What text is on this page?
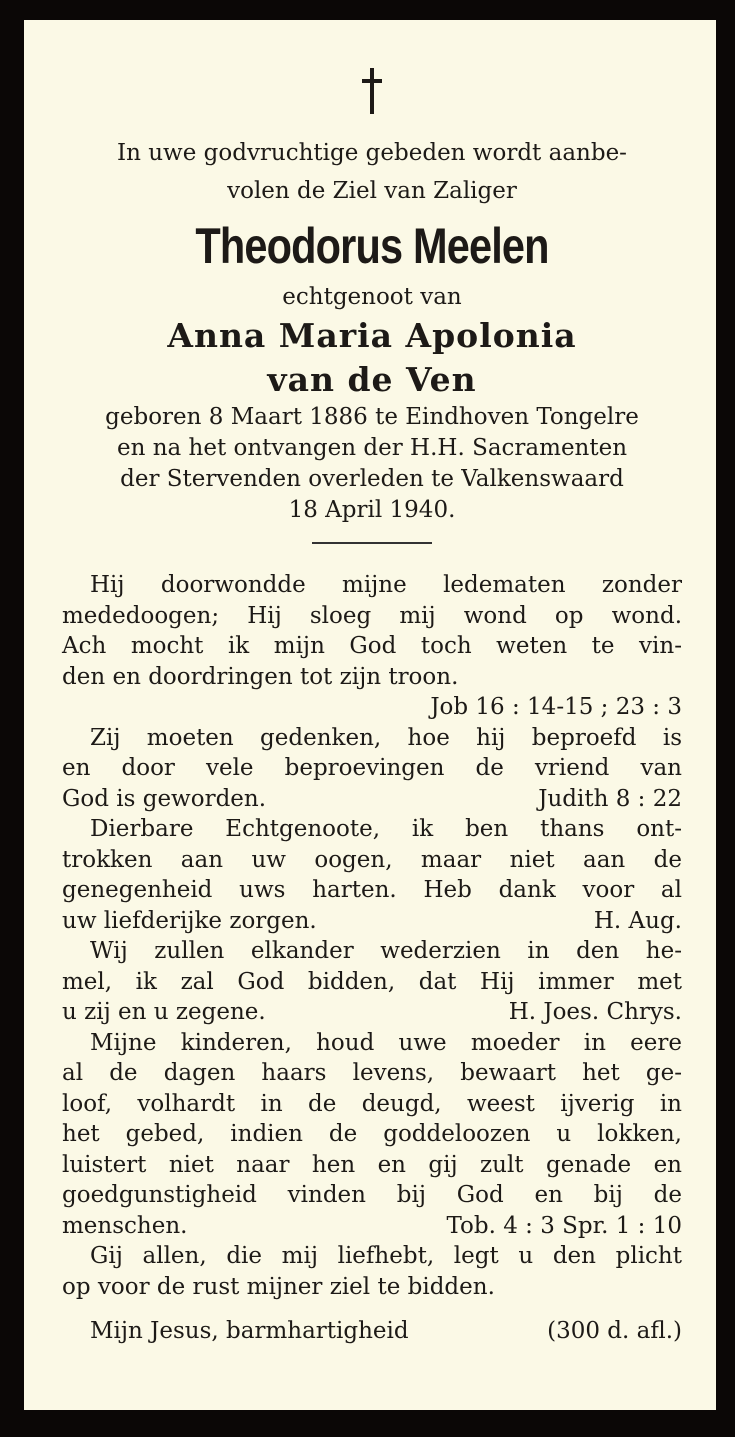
In uwe godvruchtige gebeden wordt aanbe-
volen de Ziel van Zaliger
Theodorus Meelen
echtgenoot van
Anna Maria Apolonia
van de Ven
geboren 8 Maart 1886 te Eindhoven Tongelre
en na het ontvangen der H.H. Sacramenten
der Stervenden overleden te Valkenswaard
18 April 1940.
Hij doorwondde mijne ledematen zonder
mededoogen; Hij sloeg mij wond op wond.
Ach mocht ik mijn God toch weten te vin-
den en doordringen tot zijn troon.
Job 16 : 14-15 ; 23 : 3
Zij moeten gedenken, hoe hij beproefd is
en door vele beproevingen de vriend van
God is geworden.	Judith 8 : 22
Dierbare Echtgenoote, ik ben thans ont-
trokken aan uw oogen, maar niet aan de
genegenheid uws harten. Heb dank voor al
uw liefderijke zorgen.	H. Aug.
Wij zullen elkander wederzien in den he-
mel, ik zal God bidden, dat Hij immer met
u zij en u zegene.	H. Joes. Chrys.
Mijne kinderen, houd uwe moeder in eere
al de dagen haars levens, bewaart het ge-
loof, volhardt in de deugd, weest ijverig in
het gebed, indien de goddeloozen u lokken,
luistert niet naar hen en gij zult genade en
goedgunstigheid vinden bij God en bij de
menschen.	Tob. 4 : 3 Spr. 1 : 10
Gij allen, die mij liefhebt, legt u den plicht
op voor de rust mijner ziel te bidden.
Mijn Jesus, barmhartigheid	(300 d. afl.)
